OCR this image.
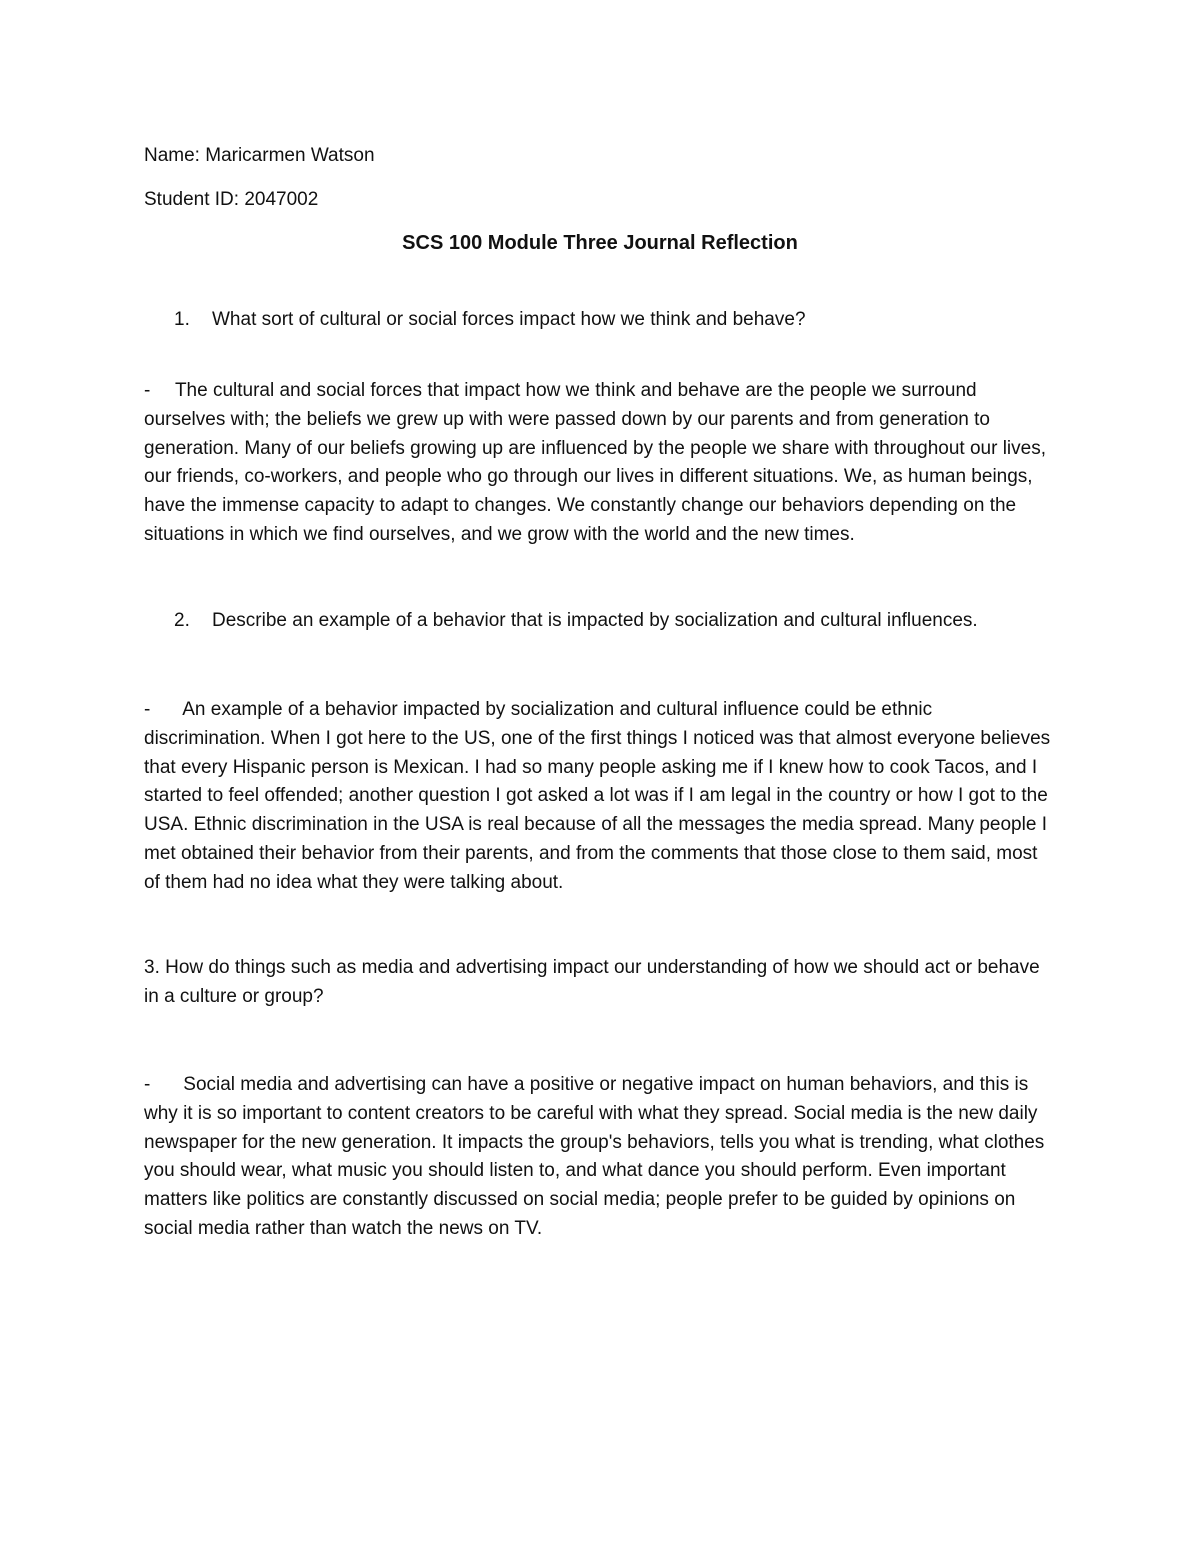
Name: Maricarmen Watson

Student ID: 2047002

SCS 100 Module Three Journal Reflection
1. What sort of cultural or social forces impact how we think and behave?

- The cultural and social forces that impact how we think and behave are the people we surround ourselves with; the beliefs we grew up with were passed down by our parents and from generation to generation. Many of our beliefs growing up are influenced by the people we share with throughout our lives, our friends, co-workers, and people who go through our lives in different situations. We, as human beings, have the immense capacity to adapt to changes. We constantly change our behaviors depending on the situations in which we find ourselves, and we grow with the world and the new times.

2. Describe an example of a behavior that is impacted by socialization and cultural influences.

- An example of a behavior impacted by socialization and cultural influence could be ethnic discrimination. When I got here to the US, one of the first things I noticed was that almost everyone believes that every Hispanic person is Mexican. I had so many people asking me if I knew how to cook Tacos, and I started to feel offended; another question I got asked a lot was if I am legal in the country or how I got to the USA. Ethnic discrimination in the USA is real because of all the messages the media spread. Many people I met obtained their behavior from their parents, and from the comments that those close to them said, most of them had no idea what they were talking about.

3. How do things such as media and advertising impact our understanding of how we should act or behave in a culture or group?

- Social media and advertising can have a positive or negative impact on human behaviors, and this is why it is so important to content creators to be careful with what they spread. Social media is the new daily newspaper for the new generation. It impacts the group's behaviors, tells you what is trending, what clothes you should wear, what music you should listen to, and what dance you should perform. Even important matters like politics are constantly discussed on social media; people prefer to be guided by opinions on social media rather than watch the news on TV.
